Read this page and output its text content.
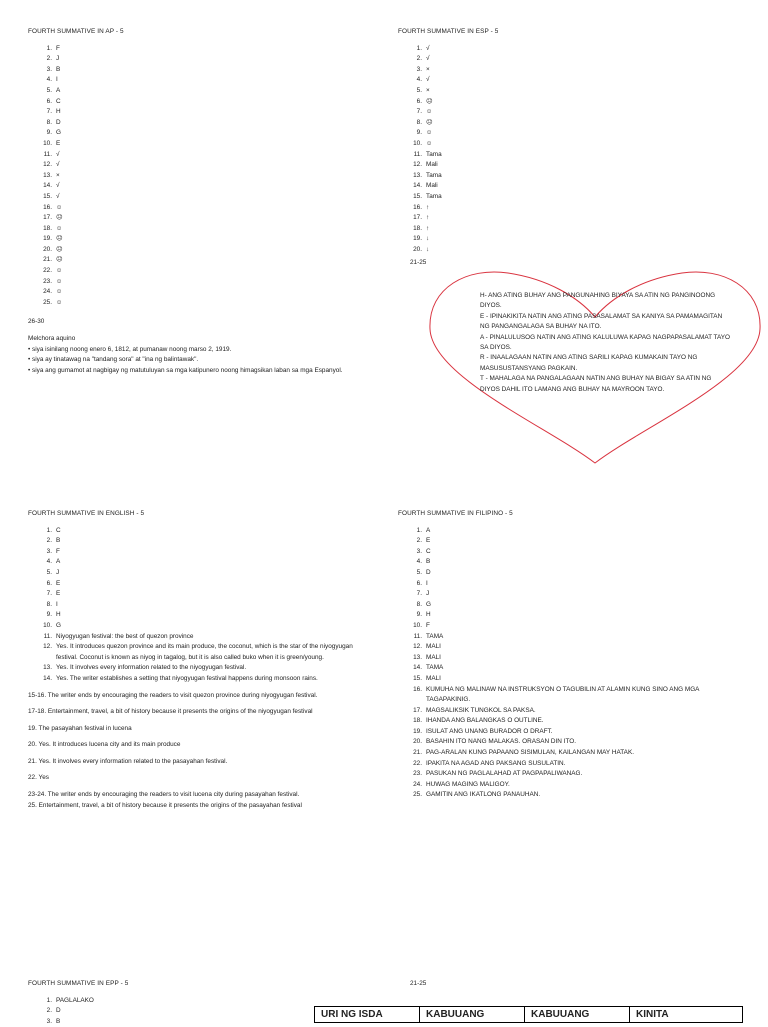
FOURTH SUMMATIVE IN AP - 5
1. F
2. J
3. B
4. I
5. A
6. C
7. H
8. D
9. G
10. E
11. √
12. √
13. ×
14. √
15. √
16. ☺
17. ☹
18. ☺
19. ☹
20. ☹
21. ☹
22. ☺
23. ☺
24. ☺
25. ☺
26-30
Melchora aquino

• siya isinilang noong enero 6, 1812, at pumanaw noong marso 2, 1919.

• siya ay tinatawag na "tandang sora" at "ina ng balintawak".

• siya ang gumamot at nagbigay ng matutuluyan sa mga katipunero noong himagsikan laban sa mga Espanyol.

FOURTH SUMMATIVE IN ESP - 5
1. √
2. √
3. ×
4. √
5. ×
6. ☹
7. ☺
8. ☹
9. ☺
10. ☺
11. Tama
12. Mali
13. Tama
14. Mali
15. Tama
16. ↑
17. ↑
18. ↑
19. ↓
20. ↓
21-25

H- ANG ATING BUHAY ANG PANGUNAHING BIYAYA SA ATIN NG PANGINOONG DIYOS.

E - IPINAKIKITA NATIN ANG ATING PASASALAMAT SA KANIYA SA PAMAMAGITAN NG PANGANGALAGA SA BUHAY NA ITO.

A - PINALULUSOG NATIN ANG ATING KALULUWA KAPAG NAGPAPASALAMAT TAYO SA DIYOS.

R - INAALAGAAN NATIN ANG ATING SARILI KAPAG KUMAKAIN TAYO NG MASUSUSTANSYANG PAGKAIN.

T - MAHALAGA NA PANGALAGAAN NATIN ANG BUHAY NA BIGAY SA ATIN NG DIYOS DAHIL ITO LAMANG ANG BUHAY NA MAYROON TAYO.

FOURTH SUMMATIVE IN ENGLISH - 5
1. C
2. B
3. F
4. A
5. J
6. E
7. E
8. I
9. H
10. G
11. Niyogyugan festival: the best of quezon province
12. Yes. It introduces quezon province and its main produce, the coconut, which is the star of the niyogyugan festival. Coconut is known as niyog in tagalog, but it is also called buko when it is green/young.
13. Yes. It involves every information related to the niyogyugan festival.
14. Yes. The writer establishes a setting that niyogyugan festival happens during monsoon rains.

15-16. The writer ends by encouraging the readers to visit quezon province during niyogyugan festival.

17-18. Entertainment, travel, a bit of history because it presents the origins of the niyogyugan festival

19. The pasayahan festival in lucena

20. Yes. It introduces lucena city and its main produce

21. Yes. It involves every information related to the pasayahan festival.

22. Yes

23-24. The writer ends by encouraging the readers to visit lucena city during pasayahan festival.
25. Entertainment, travel, a bit of history because it presents the origins of the pasayahan festival

FOURTH SUMMATIVE IN FILIPINO - 5
1. A
2. E
3. C
4. B
5. D
6. I
7. J
8. G
9. H
10. F
11. TAMA
12. MALI
13. MALI
14. TAMA
15. MALI
16. KUMUHA NG MALINAW NA INSTRUKSYON O TAGUBILIN AT ALAMIN KUNG SINO ANG MGA TAGAPAKINIG.
17. MAGSALIKSIK TUNGKOL SA PAKSA.
18. IHANDA ANG BALANGKAS O OUTLINE.
19. ISULAT ANG UNANG BURADOR O DRAFT.
20. BASAHIN ITO NANG MALAKAS. ORASAN DIN ITO.
21. PAG-ARALAN KUNG PAPAANO SISIMULAN, KAILANGAN MAY HATAK.
22. IPAKITA NA AGAD ANG PAKSANG SUSULATIN.
23. PASUKAN NG PAGLALAHAD AT PAGPAPALIWANAG.
24. HUWAG MAGING MALIGOY.
25. GAMITIN ANG IKATLONG PANAUHAN.
FOURTH SUMMATIVE IN EPP - 5
1. PAGLALAKO
2. D
3. B
21-25
URI NG ISDA	KABUUANG	KABUUANG	KINITA
